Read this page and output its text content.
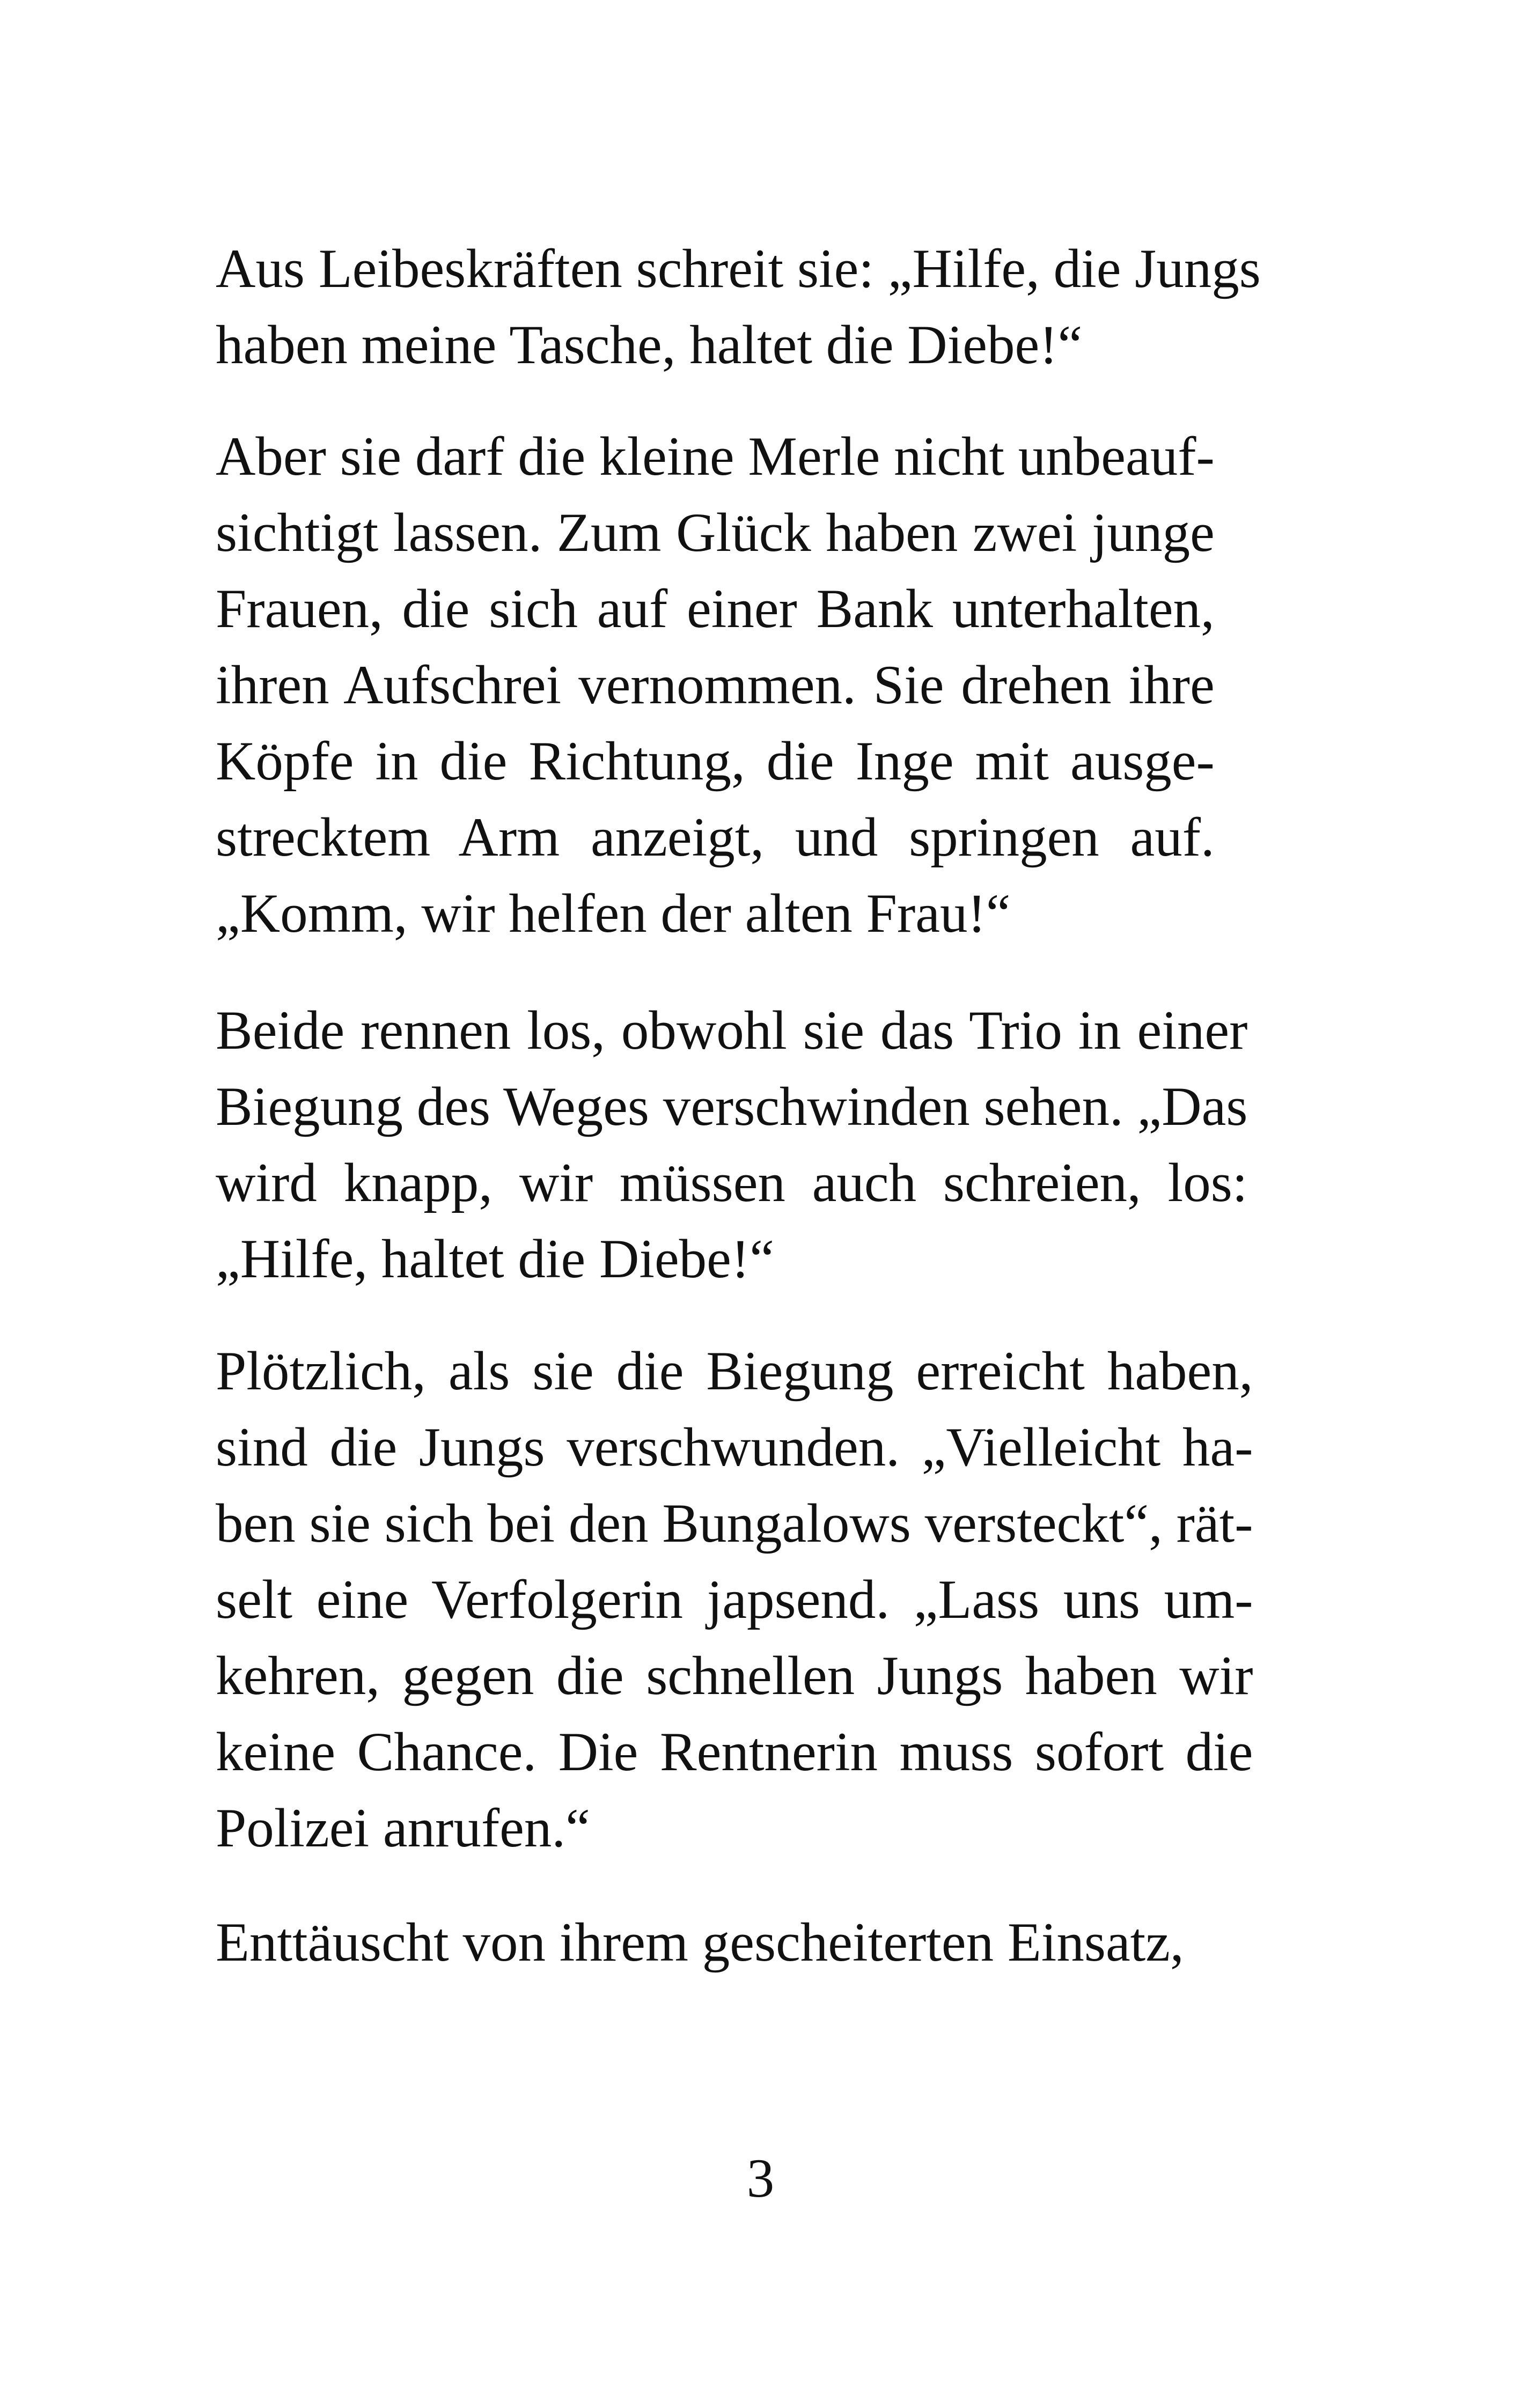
Aus Leibeskräften schreit sie: „Hilfe, die Jungs
haben meine Tasche, haltet die Diebe!“

Aber sie darf die kleine Merle nicht unbeauf-
sichtigt lassen. Zum Glück haben zwei junge
Frauen, die sich auf einer Bank unterhalten,
ihren Aufschrei vernommen. Sie drehen ihre
Köpfe in die Richtung, die Inge mit ausge-
strecktem Arm anzeigt, und springen auf.
„Komm, wir helfen der alten Frau!“

Beide rennen los, obwohl sie das Trio in einer
Biegung des Weges verschwinden sehen. „Das
wird knapp, wir müssen auch schreien, los:
„Hilfe, haltet die Diebe!“

Plötzlich, als sie die Biegung erreicht haben,
sind die Jungs verschwunden. „Vielleicht ha-
ben sie sich bei den Bungalows versteckt“, rät-
selt eine Verfolgerin japsend. „Lass uns um-
kehren, gegen die schnellen Jungs haben wir
keine Chance. Die Rentnerin muss sofort die
Polizei anrufen.“

Enttäuscht von ihrem gescheiterten Einsatz,

3
